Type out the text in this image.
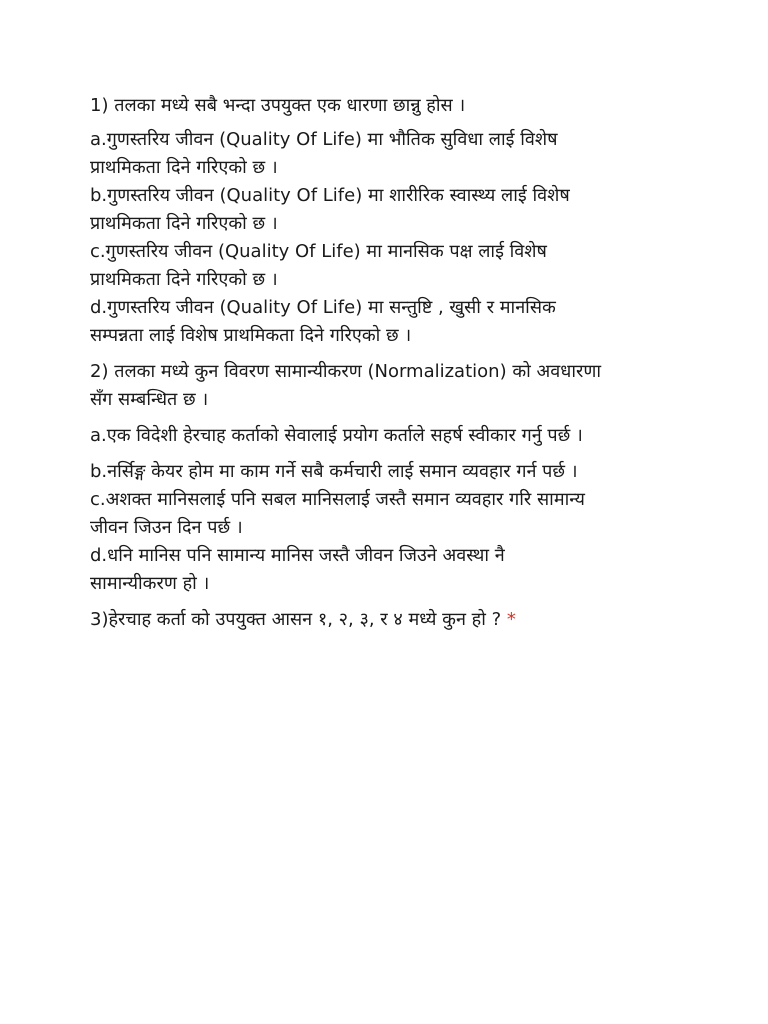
1) तलका मध्ये सबै भन्दा उपयुक्त एक धारणा छान्नु होस ।
a.गुणस्तरिय जीवन (Quality Of Life) मा भौतिक सुविधा लाई विशेष
प्राथमिकता दिने गरिएको छ ।
b.गुणस्तरिय जीवन (Quality Of Life) मा शारीरिक स्वास्थ्य लाई विशेष
प्राथमिकता दिने गरिएको छ ।
c.गुणस्तरिय जीवन (Quality Of Life) मा मानसिक पक्ष लाई विशेष
प्राथमिकता दिने गरिएको छ ।
d.गुणस्तरिय जीवन (Quality Of Life) मा सन्तुष्टि , खुसी र मानसिक
सम्पन्नता लाई विशेष प्राथमिकता दिने गरिएको छ ।
2) तलका मध्ये कुन विवरण सामान्यीकरण (Normalization) को अवधारणा
सँग सम्बन्धित छ ।
a.एक विदेशी हेरचाह कर्ताको सेवालाई प्रयोग कर्ताले सहर्ष स्वीकार गर्नु पर्छ ।
b.नर्सिङ्ग केयर होम मा काम गर्ने सबै कर्मचारी लाई समान व्यवहार गर्न पर्छ ।
c.अशक्त मानिसलाई पनि सबल मानिसलाई जस्तै समान व्यवहार गरि सामान्य
जीवन जिउन दिन पर्छ ।
d.धनि मानिस पनि सामान्य मानिस जस्तै जीवन जिउने अवस्था नै
सामान्यीकरण हो ।
3)हेरचाह कर्ता को उपयुक्त आसन १, २, ३, र ४ मध्ये कुन हो ? *
